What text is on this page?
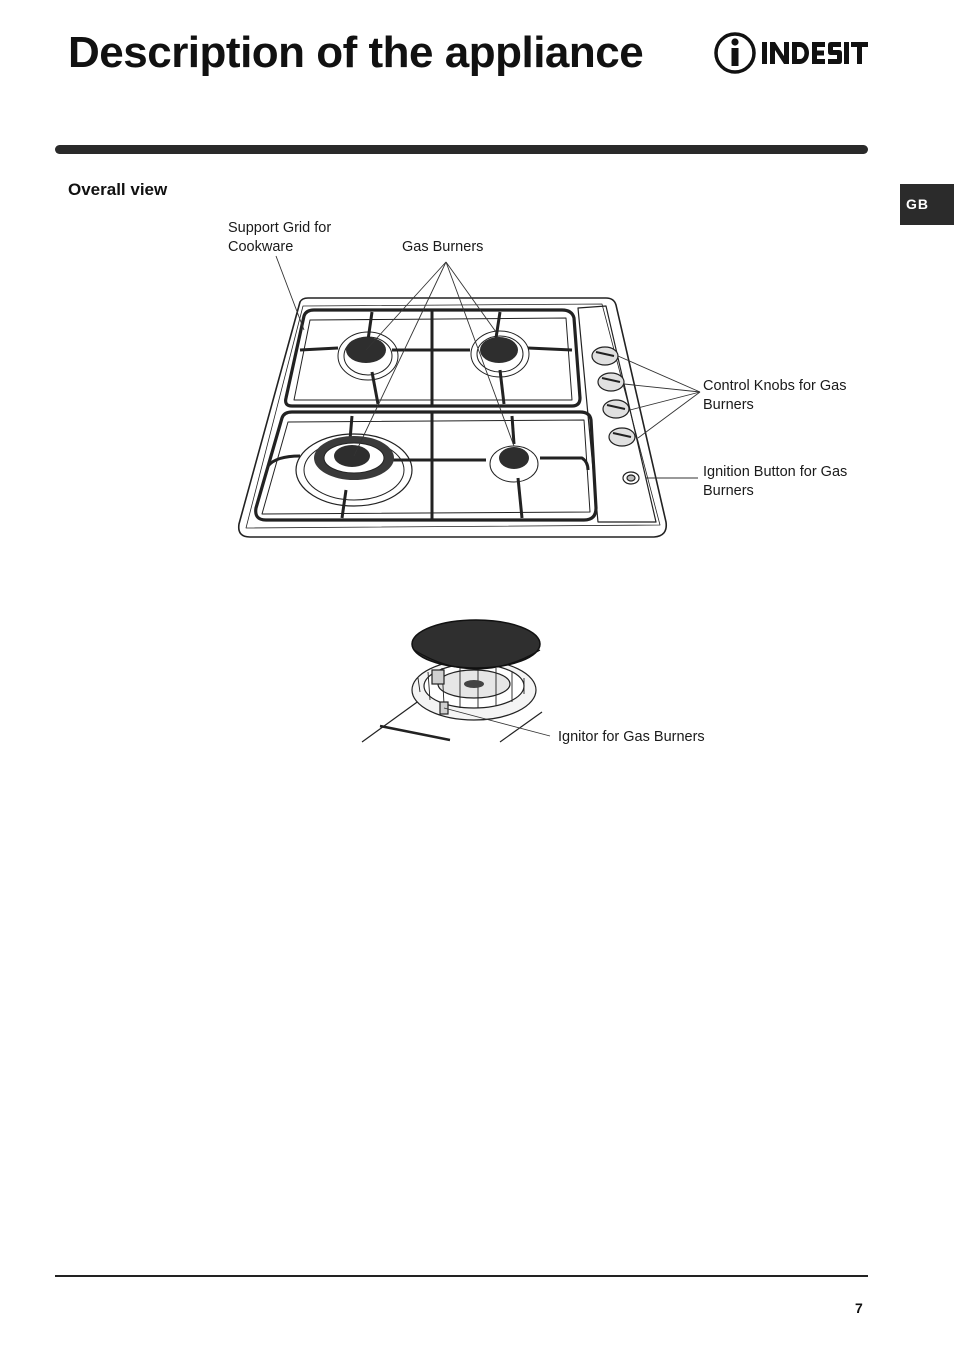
Description of the appliance
GB
Overall view
Support Grid for Cookware	Gas Burners
Control Knobs for Gas Burners
Ignition Button for Gas Burners
Ignitor for Gas Burners
7
